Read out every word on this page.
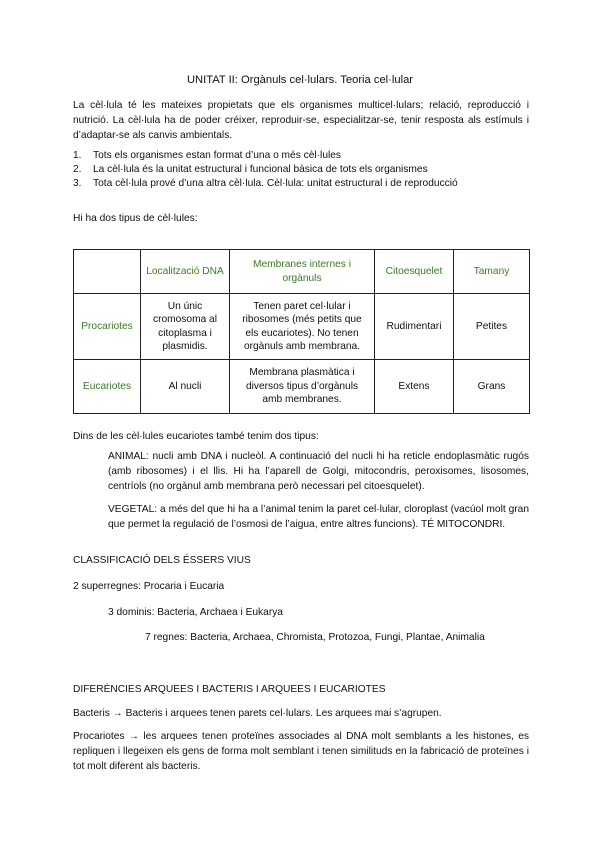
UNITAT II: Orgànuls cel·lulars. Teoria cel·lular
La cèl·lula té les mateixes propietats que els organismes multicel·lulars; relació, reproducció i nutrició. La cèl·lula ha de poder créixer, reproduir-se, especialitzar-se, tenir resposta als estímuls i d’adaptar-se als canvis ambientals.
1. Tots els organismes estan format d’una o més cèl·lules
2. La cèl·lula és la unitat estructural i funcional bàsica de tots els organismes
3. Tota cèl·lula prové d’una altra cèl·lula. Cèl·lula: unitat estructural i de reproducció
Hi ha dos tipus de cèl·lules:
	Localització DNA	Membranes internes i orgànuls	Citoesquelet	Tamany
Procariotes	Un únic cromosoma al citoplasma i plasmidis.	Tenen paret cel·lular i ribosomes (més petits que els eucariotes). No tenen orgànuls amb membrana.	Rudimentari	Petites
Eucariotes	Al nucli	Membrana plasmàtica i diversos tipus d’orgànuls amb membranes.	Extens	Grans
Dins de les cèl·lules eucariotes també tenim dos tipus:
ANIMAL: nucli amb DNA i nucleòl. A continuació del nucli hi ha reticle endoplasmàtic rugós (amb ribosomes) i el llis. Hi ha l’aparell de Golgi, mitocondris, peroxisomes, lisosomes, centríols (no orgànul amb membrana però necessari pel citoesquelet).
VEGETAL: a més del que hi ha a l’animal tenim la paret cel·lular, cloroplast (vacúol molt gran que permet la regulació de l’osmosi de l’aigua, entre altres funcions). TÉ MITOCONDRI.
CLASSIFICACIÓ DELS ÉSSERS VIUS
2 superregnes: Procaria i Eucaria
3 dominis: Bacteria, Archaea i Eukarya
7 regnes: Bacteria, Archaea, Chromista, Protozoa, Fungi, Plantae, Animalia
DIFERÈNCIES ARQUEES I BACTERIS I ARQUEES I EUCARIOTES
Bacteris → Bacteris i arquees tenen parets cel·lulars. Les arquees mai s’agrupen.
Procariotes → les arquees tenen proteïnes associades al DNA molt semblants a les histones, es repliquen i llegeixen els gens de forma molt semblant i tenen similituds en la fabricació de proteïnes i tot molt diferent als bacteris.
